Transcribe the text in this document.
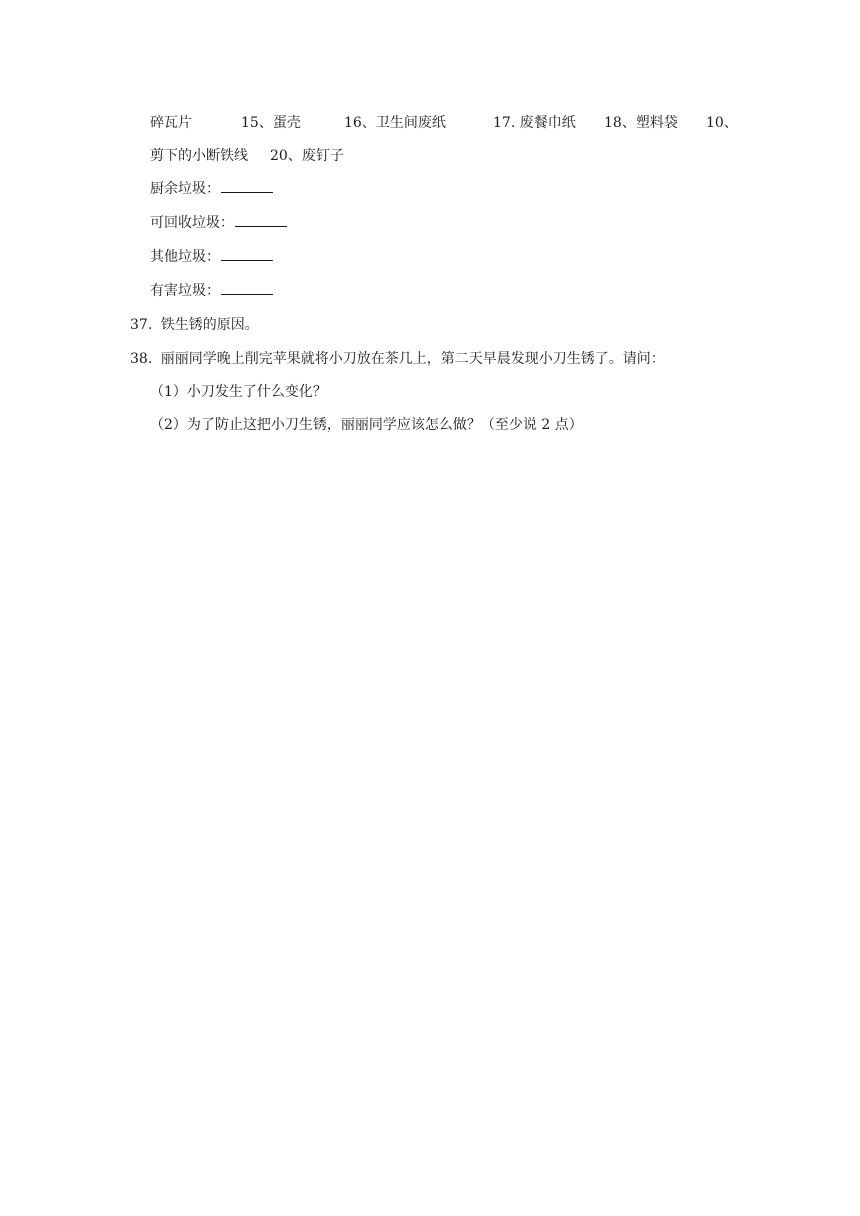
碎瓦片	15、蛋壳	16、卫生间废纸	17. 废餐巾纸 18、塑料袋 10、
剪下的小断铁线 20、废钉子
厨余垃圾：
可回收垃圾：
其他垃圾：
有害垃圾：
37. 铁生锈的原因。
38. 丽丽同学晚上削完苹果就将小刀放在茶几上，第二天早晨发现小刀生锈了。请问：
（1）小刀发生了什么变化？
（2）为了防止这把小刀生锈，丽丽同学应该怎么做？（至少说 2 点）
